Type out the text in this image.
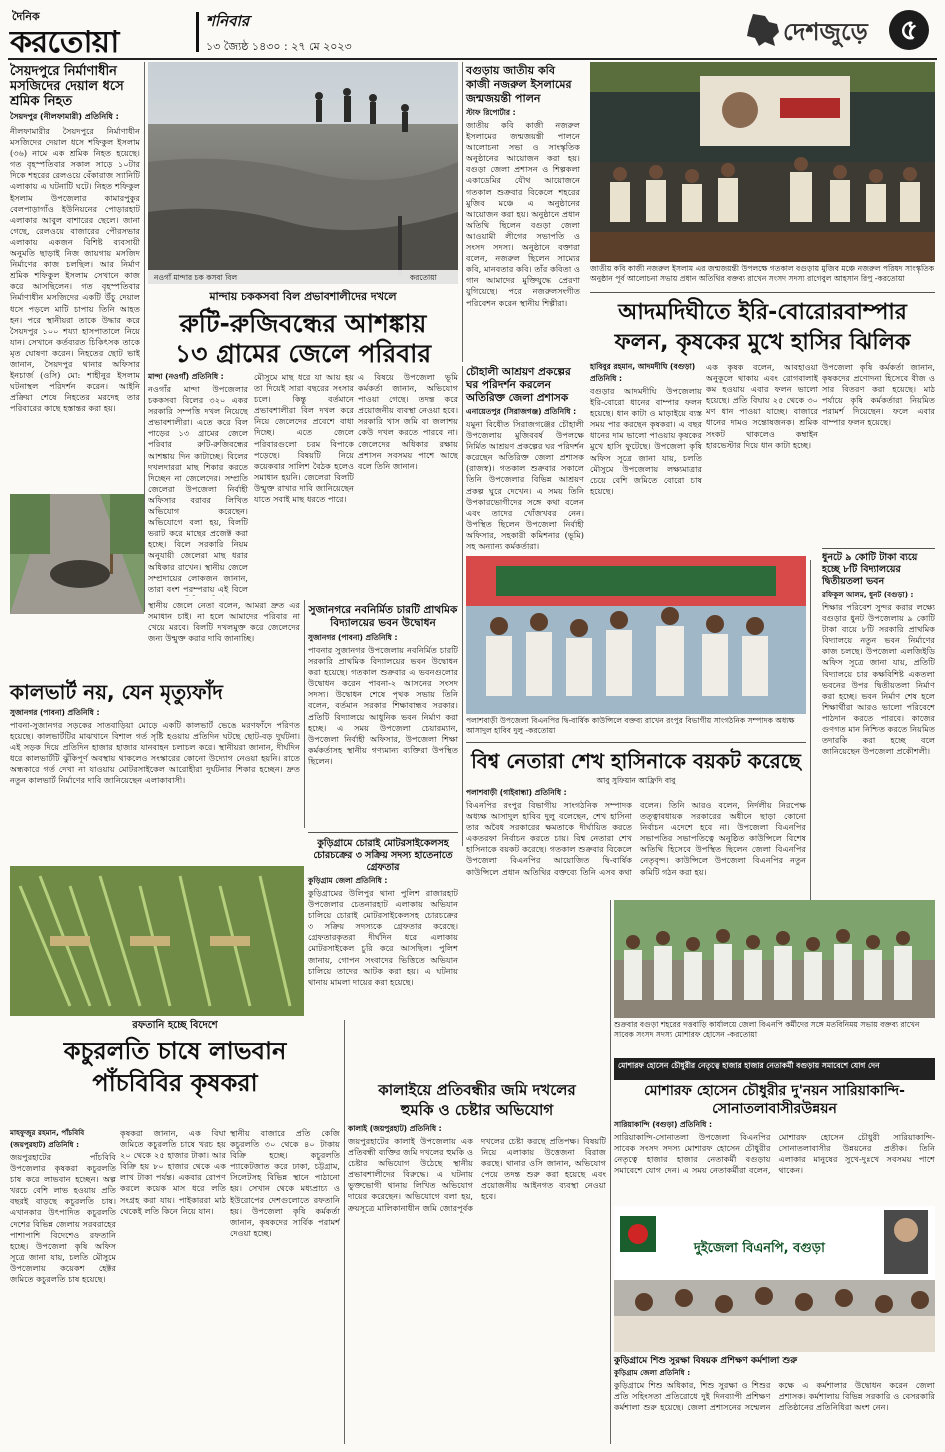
দৈনিক
করতোয়া
শনিবার
১৩ জ্যৈষ্ঠ ১৪৩০ : ২৭ মে ২০২৩
দেশজুড়ে	৫
সৈয়দপুরে নির্মাণাধীন মসজিদের দেয়াল ধসে শ্রমিক নিহত
সৈয়দপুর (নীলফামারী) প্রতিনিধি :
নীলফামারীর সৈয়দপুরে নির্মাণাধীন মসজিদের দেয়াল ধসে শফিকুল ইসলাম (৩৬) নামে এক শ্রমিক নিহত হয়েছে। গত বৃহস্পতিবার সকাল সাড়ে ১০টার দিকে শহরের রেলওয়ে বেঁকারাজ স্যানিটি এলাকায় এ ঘটনাটি ঘটে। নিহত শফিকুল ইসলাম উপজেলার কামারপুকুর বেলপাড়াগাঁও ইউনিয়নের পোড়ারহাট এলাকার আবুল বাশারের ছেলে। জানা গেছে, রেলওয়ে বাজারের পৌরসভার এলাকায় একজন বিশিষ্ট ব্যবসায়ী অনুমতি ছাড়াই নিজ জায়গায় মসজিদ নির্মাণের কাজ চলছিল। আর নির্মাণ শ্রমিক শফিকুল ইসলাম সেখানে কাজ করে আসছিলেন। গত বৃহস্পতিবার নির্মাণাধীন মসজিদের একটি উঁচু দেয়াল ধসে পড়লে মাটি চাপায় তিনি আহত হন। পরে স্থানীয়রা তাকে উদ্ধার করে সৈয়দপুর ১০০ শয্যা হাসপাতালে নিয়ে যান। সেখানে কর্তব্যরত চিকিৎসক তাকে মৃত ঘোষণা করেন। নিহতের ছোট ভাই জানান, সৈয়দপুর থানার অফিসার ইনচার্জ (ওসি) মো: শাহীনুর ইসলাম ঘটনাস্থল পরিদর্শন করেন। আইনি প্রক্রিয়া শেষে নিহতের মরদেহ তার পরিবারের কাছে হস্তান্তর করা হয়।
নওগাঁ মান্দার চক কসবা বিল	করতোয়া
মান্দায় চককসবা বিল প্রভাবশালীদের দখলে
রুটি-রুজিবন্ধের আশঙ্কায়
১৩ গ্রামের জেলে পরিবার
মান্দা (নওগাঁ) প্রতিনিধি :
নওগাঁর মান্দা উপজেলার চককসবা বিলের ৩২০ একর সরকারি সম্পত্তি দখল নিয়েছে প্রভাবশালীরা। এতে করে বিল পাড়ের ১৩ গ্রামের জেলে পরিবার রুটি-রুজিবন্ধের আশঙ্কায় দিন কাটাচ্ছে। বিলের দখলদাররা মাছ শিকার করতে দিচ্ছেন না জেলেদের। সম্প্রতি জেলেরা উপজেলা নির্বাহী অফিসার বরাবর লিখিত অভিযোগ করেছেন। অভিযোগে বলা হয়, বিলটি ভরাট করে মাছের প্রজেক্ট করা হচ্ছে। বিলে সরকারি নিয়ম অনুযায়ী জেলেরা মাছ ধরার অধিকার রাখেন। স্থানীয় জেলে সম্প্রদায়ের লোকজন জানান, তারা বংশ পরম্পরায় এই বিলে
মৌসুমে মাছ ধরে যা আয় হয় তা দিয়েই সারা বছরের সংসার চলে। কিন্তু বর্তমানে প্রভাবশালীরা বিল দখল করে নিয়ে জেলেদের প্রবেশে বাধা দিচ্ছে। এতে জেলে পরিবারগুলো চরম বিপাকে পড়েছে। বিষয়টি নিয়ে কয়েকবার সালিশ বৈঠক হলেও সমাধান হয়নি। জেলেরা বিলটি উন্মুক্ত রাখার দাবি জানিয়েছেন যাতে সবাই মাছ ধরতে পারে।
এ বিষয়ে উপজেলা ভূমি কর্মকর্তা জানান, অভিযোগ পাওয়া গেছে। তদন্ত করে প্রয়োজনীয় ব্যবস্থা নেওয়া হবে। সরকারি খাস জমি বা জলাশয় কেউ দখল করতে পারবে না। জেলেদের অধিকার রক্ষায় প্রশাসন সবসময় পাশে আছে বলে তিনি জানান।
বগুড়ায় জাতীয় কবি কাজী নজরুল ইসলামের জন্মজয়ন্তী পালন
স্টাফ রিপোর্টার :
জাতীয় কবি কাজী নজরুল ইসলামের জন্মজয়ন্তী পালনে আলোচনা সভা ও সাংস্কৃতিক অনুষ্ঠানের আয়োজন করা হয়। বগুড়া জেলা প্রশাসন ও শিল্পকলা একাডেমির যৌথ আয়োজনে গতকাল শুক্রবার বিকেলে শহরের মুজিব মঞ্চে এ অনুষ্ঠানের আয়োজন করা হয়। অনুষ্ঠানে প্রধান অতিথি ছিলেন বগুড়া জেলা আওয়ামী লীগের সভাপতি ও সংসদ সদস্য। অনুষ্ঠানে বক্তারা বলেন, নজরুল ছিলেন সাম্যের কবি, মানবতার কবি। তাঁর কবিতা ও গান আমাদের মুক্তিযুদ্ধে প্রেরণা যুগিয়েছে। পরে নজরুলসংগীত পরিবেশন করেন স্থানীয় শিল্পীরা।
জাতীয় কবি কাজী নজরুল ইসলাম এর জন্মজয়ন্তী উপলক্ষে গতকাল বগুড়ায় মুজিব মঞ্চে নজরুল পরিষদ সাংস্কৃতিক অনুষ্ঠান পূর্ব আলোচনা সভায় প্রধান অতিথির বক্তব্য রাখেন সংসদ সদস্য রাগেবুল আহসান রিপু -করতোয়া
আদমদিঘীতে ইরি-বোরোরবাম্পার
ফলন, কৃষকের মুখে হাসির ঝিলিক
হাবিবুর রহমান, আদমদীঘি (বগুড়া) প্রতিনিধি :
বগুড়ার আদমদীঘি উপজেলায় ইরি-বোরো ধানের বাম্পার ফলন হয়েছে। ধান কাটা ও মাড়াইয়ে ব্যস্ত সময় পার করছেন কৃষকরা। এ বছর ধানের দাম ভালো পাওয়ায় কৃষকের মুখে হাসি ফুটেছে। উপজেলা কৃষি অফিস সূত্রে জানা যায়, চলতি মৌসুমে উপজেলায় লক্ষ্যমাত্রার চেয়ে বেশি জমিতে বোরো চাষ হয়েছে।
এক কৃষক বলেন, আবহাওয়া অনুকূলে থাকায় এবং রোগবালাই কম হওয়ায় এবার ফলন ভালো হয়েছে। প্রতি বিঘায় ২৫ থেকে ৩০ মণ ধান পাওয়া যাচ্ছে। বাজারে ধানের দামও সন্তোষজনক। শ্রমিক সংকট থাকলেও কম্বাইন হারভেস্টার দিয়ে ধান কাটা হচ্ছে।
উপজেলা কৃষি কর্মকর্তা জানান, কৃষকদের প্রণোদনা হিসেবে বীজ ও সার বিতরণ করা হয়েছে। মাঠ পর্যায়ে কৃষি কর্মকর্তারা নিয়মিত পরামর্শ দিয়েছেন। ফলে এবার বাম্পার ফলন হয়েছে।
কালভার্ট নয়, যেন মৃত্যুফাঁদ
সুজানগর (পাবনা) প্রতিনিধি :
পাবনা-সুজানগর সড়কের সাতবাড়িয়া মোড়ে একটি কালভার্ট ভেঙে মরণফাঁদে পরিণত হয়েছে। কালভার্টটির মাঝখানে বিশাল গর্ত সৃষ্টি হওয়ায় প্রতিদিন ঘটছে ছোট-বড় দুর্ঘটনা। এই সড়ক দিয়ে প্রতিদিন হাজার হাজার যানবাহন চলাচল করে। স্থানীয়রা জানান, দীর্ঘদিন ধরে কালভার্টটি ঝুঁকিপূর্ণ অবস্থায় থাকলেও সংস্কারের কোনো উদ্যোগ নেওয়া হয়নি। রাতে অন্ধকারে গর্ত দেখা না যাওয়ায় মোটরসাইকেল আরোহীরা দুর্ঘটনার শিকার হচ্ছেন। দ্রুত নতুন কালভার্ট নির্মাণের দাবি জানিয়েছেন এলাকাবাসী।
স্থানীয় জেলে নেতা বলেন, আমরা দ্রুত এর সমাধান চাই। না হলে আমাদের পরিবার না খেয়ে মরবে। বিলটি দখলমুক্ত করে জেলেদের জন্য উন্মুক্ত করার দাবি জানাচ্ছি।
সুজানগরে নবনির্মিত চারটি প্রাথমিক বিদ্যালয়ের ভবন উদ্বোধন
সুজানগর (পাবনা) প্রতিনিধি :
পাবনার সুজানগর উপজেলায় নবনির্মিত চারটি সরকারি প্রাথমিক বিদ্যালয়ের ভবন উদ্বোধন করা হয়েছে। গতকাল শুক্রবার এ ভবনগুলোর উদ্বোধন করেন পাবনা-২ আসনের সংসদ সদস্য। উদ্বোধন শেষে পৃথক সভায় তিনি বলেন, বর্তমান সরকার শিক্ষাবান্ধব সরকার। প্রতিটি বিদ্যালয়ে আধুনিক ভবন নির্মাণ করা হচ্ছে। এ সময় উপজেলা চেয়ারম্যান, উপজেলা নির্বাহী অফিসার, উপজেলা শিক্ষা কর্মকর্তাসহ স্থানীয় গণ্যমান্য ব্যক্তিরা উপস্থিত ছিলেন।
চৌহালী আশ্রয়ণ প্রকল্পের ঘর পরিদর্শন করলেন অতিরিক্ত জেলা প্রশাসক
এনায়েতপুর (সিরাজগঞ্জ) প্রতিনিধি :
যমুনা বিধৌত সিরাজগঞ্জের চৌহালী উপজেলায় মুজিববর্ষ উপলক্ষে নির্মিত আশ্রয়ণ প্রকল্পের ঘর পরিদর্শন করেছেন অতিরিক্ত জেলা প্রশাসক (রাজস্ব)। গতকাল শুক্রবার সকালে তিনি উপজেলার বিভিন্ন আশ্রয়ণ প্রকল্প ঘুরে দেখেন। এ সময় তিনি উপকারভোগীদের সঙ্গে কথা বলেন এবং তাদের খোঁজখবর নেন। উপস্থিত ছিলেন উপজেলা নির্বাহী অফিসার, সহকারী কমিশনার (ভূমি) সহ অন্যান্য কর্মকর্তারা।
পলাশবাড়ী উপজেলা বিএনপির দ্বি-বার্ষিক কাউন্সিলে বক্তব্য রাখেন রংপুর বিভাগীয় সাংগঠনিক সম্পাদক অধ্যক্ষ আসাদুল হাবিব দুলু -করতোয়া
বিশ্ব নেতারা শেখ হাসিনাকে বয়কট করেছে
আবু সুফিয়ান আফ্রিদি বাবু
পলাশবাড়ী (গাইবান্ধা) প্রতিনিধি :
বিএনপির রংপুর বিভাগীয় সাংগঠনিক সম্পাদক অধ্যক্ষ আসাদুল হাবিব দুলু বলেছেন, শেখ হাসিনা তার অবৈধ সরকারের ক্ষমতাকে দীর্ঘায়িত করতে একতরফা নির্বাচন করতে চায়। বিশ্ব নেতারা শেখ হাসিনাকে বয়কট করেছে। গতকাল শুক্রবার বিকেলে উপজেলা বিএনপির আয়োজিত দ্বি-বার্ষিক কাউন্সিলে প্রধান অতিথির বক্তব্যে তিনি এসব কথা বলেন। তিনি আরও বলেন, নির্দলীয় নিরপেক্ষ তত্ত্বাবধায়ক সরকারের অধীনে ছাড়া কোনো নির্বাচন এদেশে হবে না। উপজেলা বিএনপির সভাপতির সভাপতিত্বে অনুষ্ঠিত কাউন্সিলে বিশেষ অতিথি হিসেবে উপস্থিত ছিলেন জেলা বিএনপির নেতৃবৃন্দ। কাউন্সিলে উপজেলা বিএনপির নতুন কমিটি গঠন করা হয়।
ধুনটে ৯ কোটি টাকা ব্যয়ে হচ্ছে ৮টি বিদ্যালয়ের দ্বিতীয়তলা ভবন
রফিকুল আলম, ধুনট (বগুড়া) :
শিক্ষার পরিবেশ সুন্দর করার লক্ষ্যে বগুড়ার ধুনট উপজেলায় ৯ কোটি টাকা ব্যয়ে ৮টি সরকারি প্রাথমিক বিদ্যালয়ে নতুন ভবন নির্মাণের কাজ চলছে। উপজেলা এলজিইডি অফিস সূত্রে জানা যায়, প্রতিটি বিদ্যালয়ে চার কক্ষবিশিষ্ট একতলা ভবনের উপর দ্বিতীয়তলা নির্মাণ করা হচ্ছে। ভবন নির্মাণ শেষ হলে শিক্ষার্থীরা আরও ভালো পরিবেশে পাঠদান করতে পারবে। কাজের গুণগত মান নিশ্চিত করতে নিয়মিত তদারকি করা হচ্ছে বলে জানিয়েছেন উপজেলা প্রকৌশলী।
কুড়িগ্রামে চোরাই মোটরসাইকেলসহ চোরচক্রের ৩ সক্রিয় সদস্য হাতেনাতে গ্রেফতার
কুড়িগ্রাম জেলা প্রতিনিধি :
কুড়িগ্রামের উলিপুর থানা পুলিশ রাজারহাট উপজেলার চেতনারহাট এলাকায় অভিযান চালিয়ে চোরাই মোটরসাইকেলসহ চোরচক্রের ৩ সক্রিয় সদস্যকে গ্রেফতার করেছে। গ্রেফতারকৃতরা দীর্ঘদিন ধরে এলাকায় মোটরসাইকেল চুরি করে আসছিল। পুলিশ জানায়, গোপন সংবাদের ভিত্তিতে অভিযান চালিয়ে তাদের আটক করা হয়। এ ঘটনায় থানায় মামলা দায়ের করা হয়েছে।
রফতানি হচ্ছে বিদেশে
কচুরলতি চাষে লাভবান
পাঁচবিবির কৃষকরা
মাহফুজুর রহমান, পাঁচবিবি (জয়পুরহাট) প্রতিনিধি :
জয়পুরহাটের পাঁচবিবি উপজেলার কৃষকরা কচুরলতি চাষ করে লাভবান হচ্ছেন। অল্প খরচে বেশি লাভ হওয়ায় প্রতি বছরই বাড়ছে কচুরলতি চাষ। এখানকার উৎপাদিত কচুরলতি দেশের বিভিন্ন জেলায় সরবরাহের পাশাপাশি বিদেশেও রফতানি হচ্ছে। উপজেলা কৃষি অফিস সূত্রে জানা যায়, চলতি মৌসুমে উপজেলায় কয়েকশ হেক্টর জমিতে কচুরলতি চাষ হয়েছে।
কৃষকরা জানান, এক বিঘা জমিতে কচুরলতি চাষে খরচ হয় ২০ থেকে ২৫ হাজার টাকা। আর বিক্রি হয় ৮০ হাজার থেকে এক লাখ টাকা পর্যন্ত। একবার রোপণ করলে কয়েক মাস ধরে লতি সংগ্রহ করা যায়। পাইকাররা মাঠ থেকেই লতি কিনে নিয়ে যান।
স্থানীয় বাজারে প্রতি কেজি কচুরলতি ৩০ থেকে ৪০ টাকায় বিক্রি হচ্ছে। কচুরলতি প্যাকেটজাত করে ঢাকা, চট্টগ্রাম, সিলেটসহ বিভিন্ন স্থানে পাঠানো হয়। সেখান থেকে মধ্যপ্রাচ্য ও ইউরোপের দেশগুলোতে রফতানি হয়। উপজেলা কৃষি কর্মকর্তা জানান, কৃষকদের সার্বিক পরামর্শ দেওয়া হচ্ছে।
কালাইয়ে প্রতিবন্ধীর জমি দখলের
হুমকি ও চেষ্টার অভিযোগ
কালাই (জয়পুরহাট) প্রতিনিধি :
জয়পুরহাটের কালাই উপজেলায় এক প্রতিবন্ধী ব্যক্তির জমি দখলের হুমকি ও চেষ্টার অভিযোগ উঠেছে স্থানীয় প্রভাবশালীদের বিরুদ্ধে। এ ঘটনায় ভুক্তভোগী থানায় লিখিত অভিযোগ দায়ের করেছেন। অভিযোগে বলা হয়, ক্রয়সূত্রে মালিকানাধীন জমি জোরপূর্বক দখলের চেষ্টা করছে প্রতিপক্ষ। বিষয়টি নিয়ে এলাকায় উত্তেজনা বিরাজ করছে। থানার ওসি জানান, অভিযোগ পেয়ে তদন্ত শুরু করা হয়েছে এবং প্রয়োজনীয় আইনগত ব্যবস্থা নেওয়া হবে।
শুক্রবার বগুড়া শহরের দত্তবাড়ি কার্যালয়ে জেলা বিএনপি কর্মীদের সঙ্গে মতবিনিময় সভায় বক্তব্য রাখেন সাবেক সংসদ সদস্য মোশারফ হোসেন -করতোয়া
মোশারফ হোসেন চৌধুরীর নেতৃত্বে হাজার হাজার নেতাকর্মী বগুড়ায় সমাবেশে যোগ দেন
মোশারফ হোসেন চৌধুরীর দু'নয়ন সারিয়াকান্দি-সোনাতলাবাসীরউন্নয়ন
সারিয়াকান্দি (বগুড়া) প্রতিনিধি :
সারিয়াকান্দি-সোনাতলা উপজেলা বিএনপির সাবেক সংসদ সদস্য মোশারফ হোসেন চৌধুরীর নেতৃত্বে হাজার হাজার নেতাকর্মী বগুড়ায় সমাবেশে যোগ দেন। এ সময় নেতাকর্মীরা বলেন, মোশারফ হোসেন চৌধুরী সারিয়াকান্দি-সোনাতলাবাসীর উন্নয়নের প্রতীক। তিনি এলাকার মানুষের সুখে-দুঃখে সবসময় পাশে থাকেন।
দুইজেলা বিএনপি, বগুড়া
কুড়িগ্রামে শিশু সুরক্ষা বিষয়ক প্রশিক্ষণ কর্মশালা শুরু
কুড়িগ্রাম জেলা প্রতিনিধি :
কুড়িগ্রামে শিশু অধিকার, শিশু সুরক্ষা ও শিশুর প্রতি সহিংসতা প্রতিরোধে দুই দিনব্যাপী প্রশিক্ষণ কর্মশালা শুরু হয়েছে। জেলা প্রশাসনের সম্মেলন কক্ষে এ কর্মশালার উদ্বোধন করেন জেলা প্রশাসক। কর্মশালায় বিভিন্ন সরকারি ও বেসরকারি প্রতিষ্ঠানের প্রতিনিধিরা অংশ নেন।
